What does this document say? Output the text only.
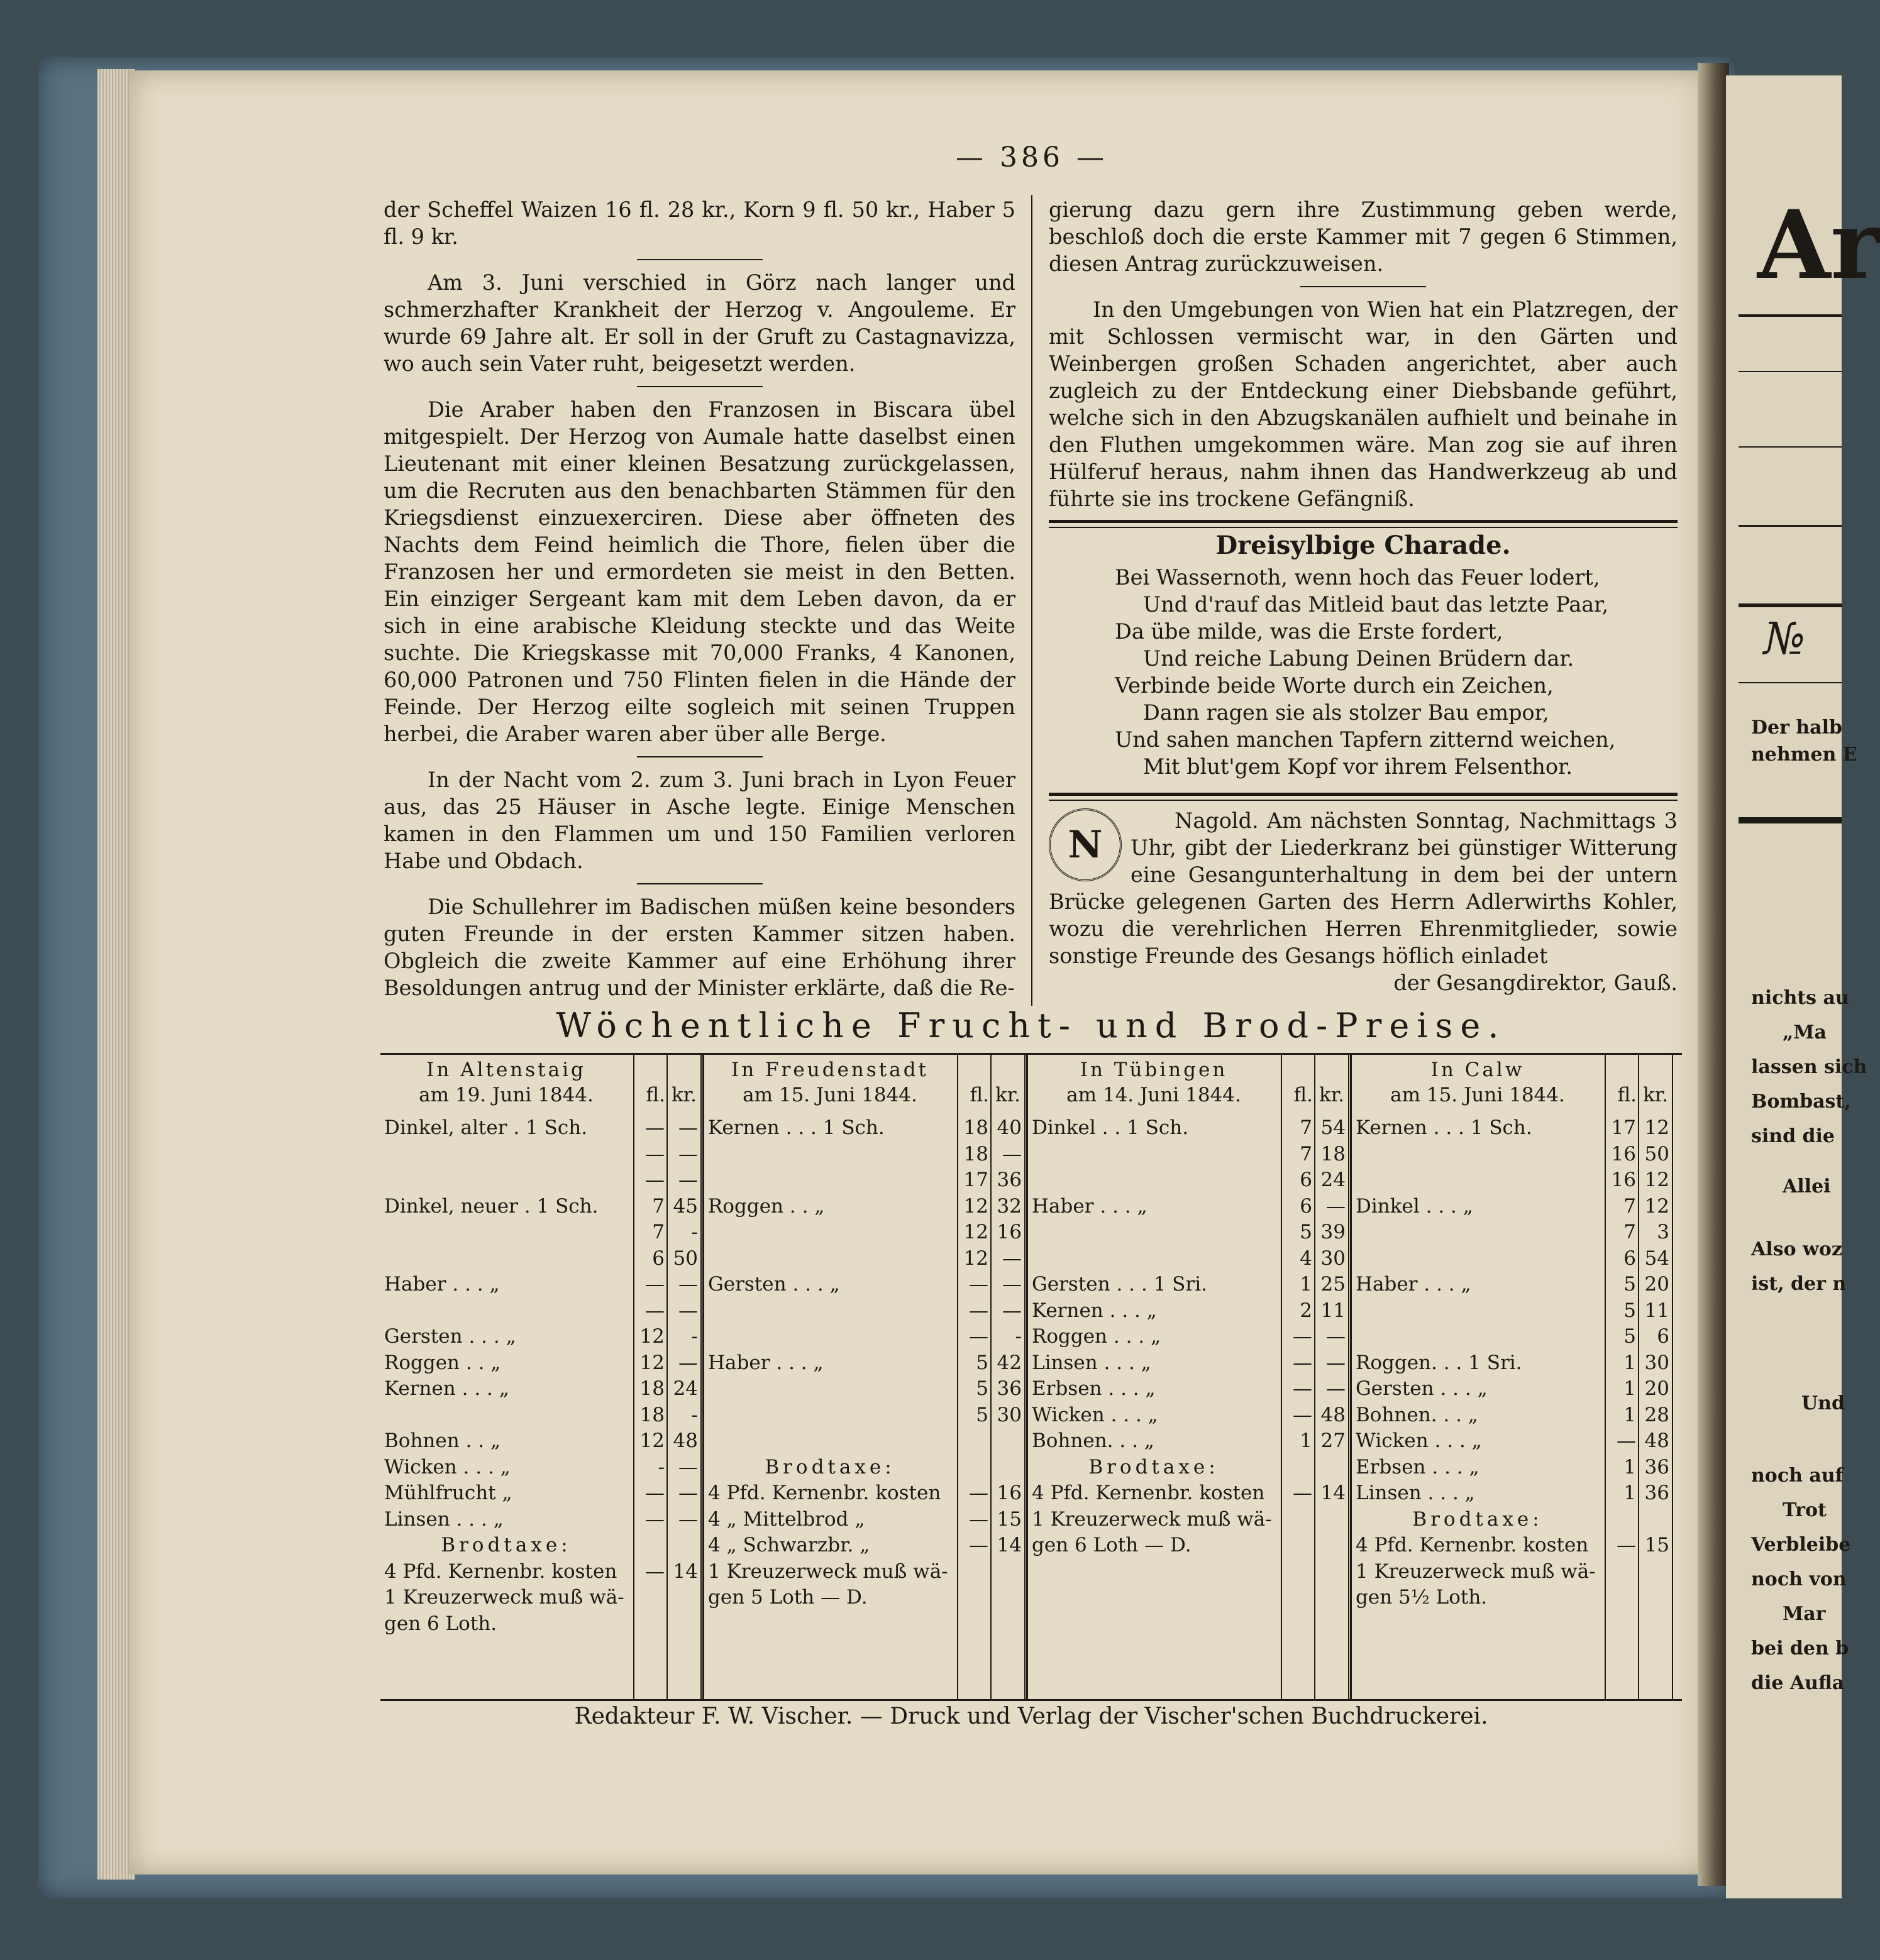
Ar
№
Der halb
nehmen E
nichts au
„Ma
lassen sich
Bombast,
sind die
Allei
Also woz
ist, der n
Und
noch auf
Trot
Verbleibe
noch von
Mar
bei den b
die Aufla
— 386 —

der Scheffel Waizen 16 fl. 28 kr., Korn 9 fl. 50 kr., Haber 5 fl. 9 kr.

Am 3. Juni verschied in Görz nach langer und schmerzhafter Krankheit der Herzog v. Angouleme. Er wurde 69 Jahre alt. Er soll in der Gruft zu Castagnavizza, wo auch sein Vater ruht, beigesetzt werden.

Die Araber haben den Franzosen in Biscara übel mitgespielt. Der Herzog von Aumale hatte daselbst einen Lieutenant mit einer kleinen Besatzung zurückgelassen, um die Recruten aus den benachbarten Stämmen für den Kriegsdienst einzuexerciren. Diese aber öffneten des Nachts dem Feind heimlich die Thore, fielen über die Franzosen her und ermordeten sie meist in den Betten. Ein einziger Sergeant kam mit dem Leben davon, da er sich in eine arabische Kleidung steckte und das Weite suchte. Die Kriegskasse mit 70,000 Franks, 4 Kanonen, 60,000 Patronen und 750 Flinten fielen in die Hände der Feinde. Der Herzog eilte sogleich mit seinen Truppen herbei, die Araber waren aber über alle Berge.

In der Nacht vom 2. zum 3. Juni brach in Lyon Feuer aus, das 25 Häuser in Asche legte. Einige Menschen kamen in den Flammen um und 150 Familien verloren Habe und Obdach.

Die Schullehrer im Badischen müßen keine besonders guten Freunde in der ersten Kammer sitzen haben. Obgleich die zweite Kammer auf eine Erhöhung ihrer Besoldungen antrug und der Minister erklärte, daß die Re-

gierung dazu gern ihre Zustimmung geben werde, beschloß doch die erste Kammer mit 7 gegen 6 Stimmen, diesen Antrag zurückzuweisen.

In den Umgebungen von Wien hat ein Platzregen, der mit Schlossen vermischt war, in den Gärten und Weinbergen großen Schaden angerichtet, aber auch zugleich zu der Entdeckung einer Diebsbande geführt, welche sich in den Abzugskanälen aufhielt und beinahe in den Fluthen umgekommen wäre. Man zog sie auf ihren Hülferuf heraus, nahm ihnen das Handwerkzeug ab und führte sie ins trockene Gefängniß.

Dreisylbige Charade.

Bei Wassernoth, wenn hoch das Feuer lodert,

Und d'rauf das Mitleid baut das letzte Paar,

Da übe milde, was die Erste fordert,

Und reiche Labung Deinen Brüdern dar.

Verbinde beide Worte durch ein Zeichen,

Dann ragen sie als stolzer Bau empor,

Und sahen manchen Tapfern zitternd weichen,

Mit blut'gem Kopf vor ihrem Felsenthor.

N

Nagold. Am nächsten Sonntag, Nachmittags 3 Uhr, gibt der Liederkranz bei günstiger Witterung eine Gesangunterhaltung in dem bei der untern Brücke gelegenen Garten des Herrn Adlerwirths Kohler, wozu die verehrlichen Herren Ehrenmitglieder, sowie sonstige Freunde des Gesangs höflich einladet

der Gesangdirektor, Gauß.

Wöchentliche Frucht- und Brod-Preise.
In Altenstaig
am 19. Juni 1844.	fl. kr.
Dinkel, alter . 1 Sch.	— —
— —
— —
Dinkel, neuer . 1 Sch.	7 45
7	-
6 50
Haber . . . „	— —
— —
Gersten . . . „	12	-
Roggen . . „	12 —
Kernen . . . „	18 24
18	-
Bohnen . . „	12 48
Wicken . . . „	- —
Mühlfrucht „	— —
Linsen . . . „	— —
Brodtaxe:
4 Pfd. Kernenbr. kosten	— 14
1 Kreuzerweck muß wä-
gen 6 Loth.
In Freudenstadt
am 15. Juni 1844.	fl. kr.
Kernen . . . 1 Sch.	18 40
18 —
17 36
Roggen . . „	12 32
12 16
12 —
Gersten . . . „	— —
— —
—	-
Haber . . . „	5 42
5 36
5 30
Brodtaxe:
4 Pfd. Kernenbr. kosten	— 16
4 „ Mittelbrod „	— 15
4 „ Schwarzbr. „	— 14
1 Kreuzerweck muß wä-
gen 5 Loth — D.
In Tübingen
am 14. Juni 1844.	fl. kr.
Dinkel . . 1 Sch.	7 54
7 18
6 24
Haber . . . „	6 —
5 39
4 30
Gersten . . . 1 Sri.	1 25
Kernen . . . „	2 11
Roggen . . . „	— —
Linsen . . . „	— —
Erbsen . . . „	— —
Wicken . . . „	— 48
Bohnen. . . „	1 27
Brodtaxe:
4 Pfd. Kernenbr. kosten	— 14
1 Kreuzerweck muß wä-
gen 6 Loth — D.
In Calw
am 15. Juni 1844.	fl. kr.
Kernen . . . 1 Sch.	17 12
16 50
16 12
Dinkel . . . „	7 12
7	3
6 54
Haber . . . „	5 20
5 11
5	6
Roggen. . . 1 Sri.	1 30
Gersten . . . „	1 20
Bohnen. . . „	1 28
Wicken . . . „	— 48
Erbsen . . . „	1 36
Linsen . . . „	1 36
Brodtaxe:
4 Pfd. Kernenbr. kosten	— 15
1 Kreuzerweck muß wä-
gen 5½ Loth.
Redakteur F. W. Vischer. — Druck und Verlag der Vischer'schen Buchdruckerei.
